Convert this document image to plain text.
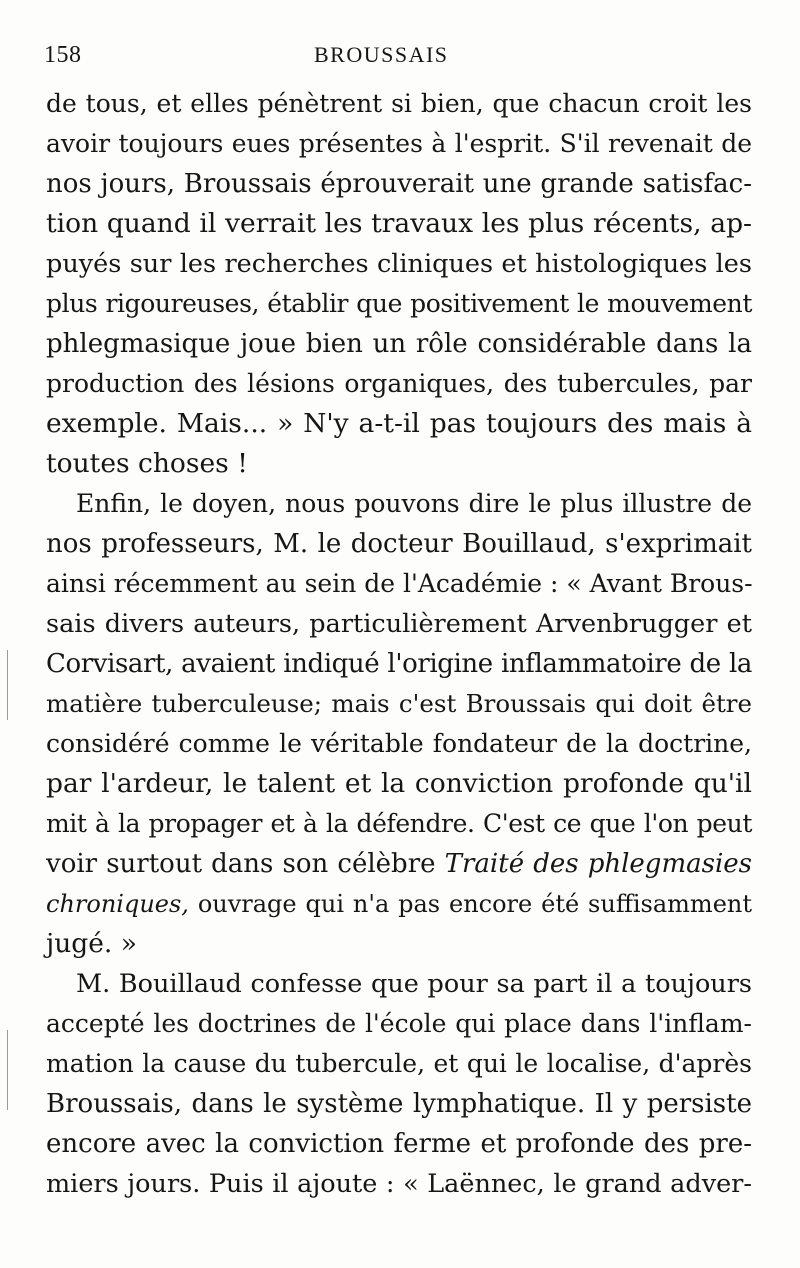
158	BROUSSAIS
de tous, et elles pénètrent si bien, que chacun croit les
avoir toujours eues présentes à l'esprit. S'il revenait de
nos jours, Broussais éprouverait une grande satisfac-
tion quand il verrait les travaux les plus récents, ap-
puyés sur les recherches cliniques et histologiques les
plus rigoureuses, établir que positivement le mouvement
phlegmasique joue bien un rôle considérable dans la
production des lésions organiques, des tubercules, par
exemple. Mais... » N'y a-t-il pas toujours des mais à
toutes choses !
Enfin, le doyen, nous pouvons dire le plus illustre de
nos professeurs, M. le docteur Bouillaud, s'exprimait
ainsi récemment au sein de l'Académie : « Avant Brous-
sais divers auteurs, particulièrement Arvenbrugger et
Corvisart, avaient indiqué l'origine inflammatoire de la
matière tuberculeuse; mais c'est Broussais qui doit être
considéré comme le véritable fondateur de la doctrine,
par l'ardeur, le talent et la conviction profonde qu'il
mit à la propager et à la défendre. C'est ce que l'on peut
voir surtout dans son célèbre Traité des phlegmasies
chroniques, ouvrage qui n'a pas encore été suffisamment
jugé. »
M. Bouillaud confesse que pour sa part il a toujours
accepté les doctrines de l'école qui place dans l'inflam-
mation la cause du tubercule, et qui le localise, d'après
Broussais, dans le système lymphatique. Il y persiste
encore avec la conviction ferme et profonde des pre-
miers jours. Puis il ajoute : « Laënnec, le grand adver-
